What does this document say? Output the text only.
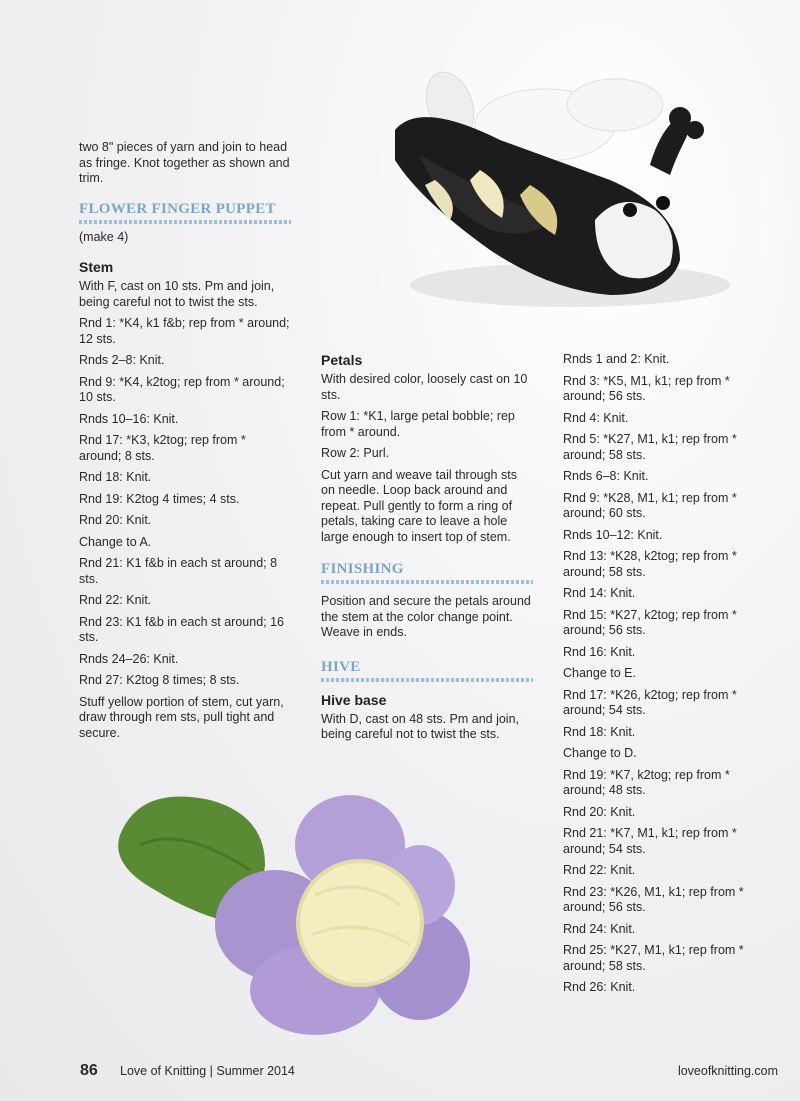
two 8" pieces of yarn and join to head as fringe. Knot together as shown and trim.

FLOWER FINGER PUPPET

(make 4)

Stem

With F, cast on 10 sts. Pm and join, being careful not to twist the sts.

Rnd 1: *K4, k1 f&b; rep from * around; 12 sts.

Rnds 2–8: Knit.

Rnd 9: *K4, k2tog; rep from * around; 10 sts.

Rnds 10–16: Knit.

Rnd 17: *K3, k2tog; rep from * around; 8 sts.

Rnd 18: Knit.

Rnd 19: K2tog 4 times; 4 sts.

Rnd 20: Knit.

Change to A.

Rnd 21: K1 f&b in each st around; 8 sts.

Rnd 22: Knit.

Rnd 23: K1 f&b in each st around; 16 sts.

Rnds 24–26: Knit.

Rnd 27: K2tog 8 times; 8 sts.

Stuff yellow portion of stem, cut yarn, draw through rem sts, pull tight and secure.

Petals

With desired color, loosely cast on 10 sts.

Row 1: *K1, large petal bobble; rep from * around.

Row 2: Purl.

Cut yarn and weave tail through sts on needle. Loop back around and repeat. Pull gently to form a ring of petals, taking care to leave a hole large enough to insert top of stem.

FINISHING

Position and secure the petals around the stem at the color change point. Weave in ends.

HIVE
Hive base

With D, cast on 48 sts. Pm and join, being careful not to twist the sts.

Rnds 1 and 2: Knit.

Rnd 3: *K5, M1, k1; rep from * around; 56 sts.

Rnd 4: Knit.

Rnd 5: *K27, M1, k1; rep from * around; 58 sts.

Rnds 6–8: Knit.

Rnd 9: *K28, M1, k1; rep from * around; 60 sts.

Rnds 10–12: Knit.

Rnd 13: *K28, k2tog; rep from * around; 58 sts.

Rnd 14: Knit.

Rnd 15: *K27, k2tog; rep from * around; 56 sts.

Rnd 16: Knit.

Change to E.

Rnd 17: *K26, k2tog; rep from * around; 54 sts.

Rnd 18: Knit.

Change to D.

Rnd 19: *K7, k2tog; rep from * around; 48 sts.

Rnd 20: Knit.

Rnd 21: *K7, M1, k1; rep from * around; 54 sts.

Rnd 22: Knit.

Rnd 23: *K26, M1, k1; rep from * around; 56 sts.

Rnd 24: Knit.

Rnd 25: *K27, M1, k1; rep from * around; 58 sts.

Rnd 26: Knit.

86 Love of Knitting | Summer 2014	loveofknitting.com
